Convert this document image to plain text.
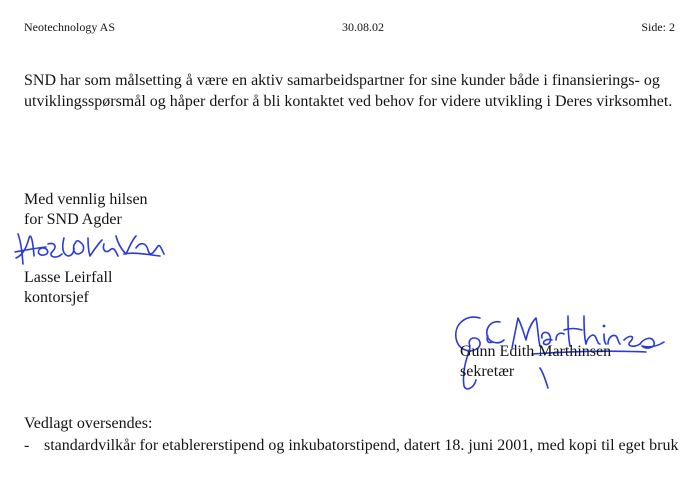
Neotechnology AS	30.08.02	Side: 2

SND har som målsetting å være en aktiv samarbeidspartner for sine kunder både i finansierings- og utviklingsspørsmål og håper derfor å bli kontaktet ved behov for videre utvikling i Deres virksomhet.

Med vennlig hilsen

for SND Agder

Lasse Leirfall

kontorsjef

Gunn Edith Marthinsen

sekretær

Vedlagt oversendes:

- standardvilkår for etablererstipend og inkubatorstipend, datert 18. juni 2001, med kopi til eget bruk
